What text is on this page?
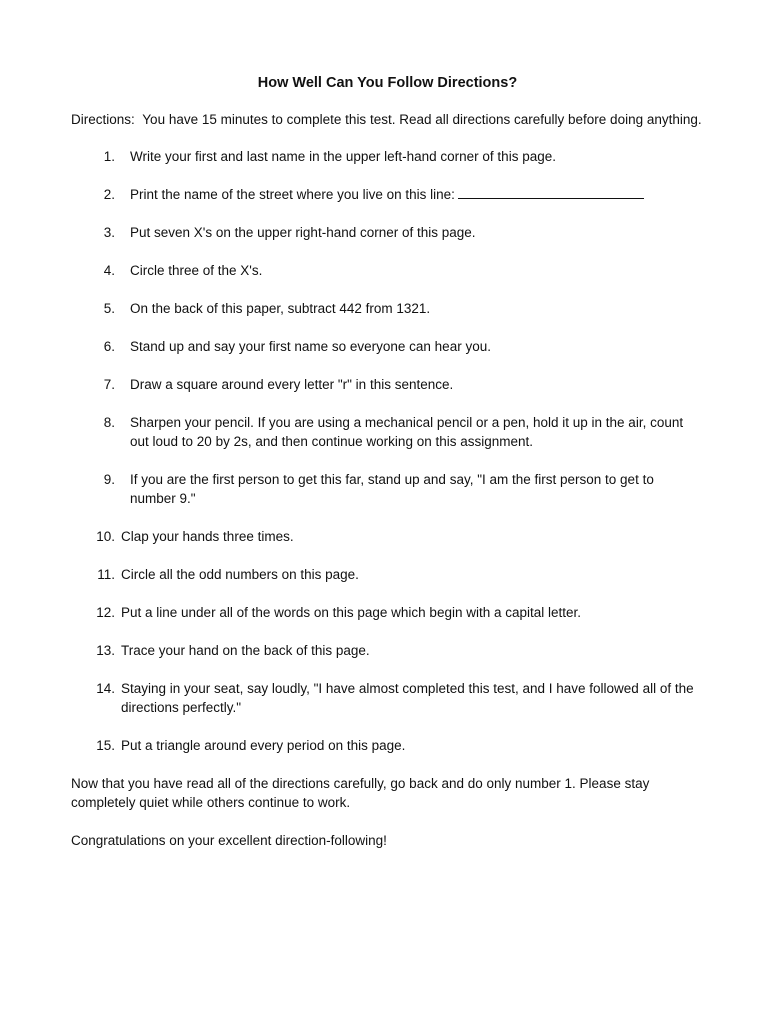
How Well Can You Follow Directions?

Directions: You have 15 minutes to complete this test. Read all directions carefully before doing anything.

1.	Write your first and last name in the upper left-hand corner of this page.
2.	Print the name of the street where you live on this line:
3.	Put seven X's on the upper right-hand corner of this page.
4.	Circle three of the X's.
5.	On the back of this paper, subtract 442 from 1321.
6.	Stand up and say your first name so everyone can hear you.
7.	Draw a square around every letter "r" in this sentence.
8.	Sharpen your pencil. If you are using a mechanical pencil or a pen, hold it up in the air, count out loud to 20 by 2s, and then continue working on this assignment.
9.	If you are the first person to get this far, stand up and say, "I am the first person to get to number 9."
10. Clap your hands three times.
11. Circle all the odd numbers on this page.
12. Put a line under all of the words on this page which begin with a capital letter.
13. Trace your hand on the back of this page.
14. Staying in your seat, say loudly, "I have almost completed this test, and I have followed all of the directions perfectly."
15. Put a triangle around every period on this page.

Now that you have read all of the directions carefully, go back and do only number 1. Please stay completely quiet while others continue to work.

Congratulations on your excellent direction-following!
